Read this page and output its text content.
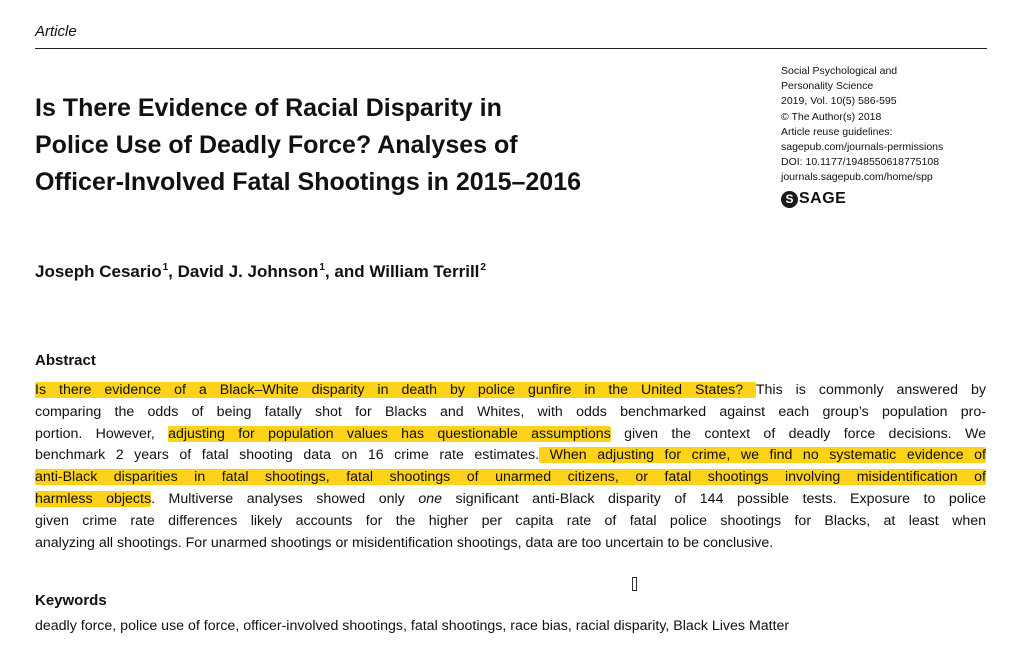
Article
Is There Evidence of Racial Disparity in
Police Use of Deadly Force? Analyses of
Officer-Involved Fatal Shootings in 2015–2016
Social Psychological and
Personality Science
2019, Vol. 10(5) 586-595
© The Author(s) 2018
Article reuse guidelines:
sagepub.com/journals-permissions
DOI: 10.1177/1948550618775108
journals.sagepub.com/home/spp
S SAGE
Joseph Cesario$^1$, David J. Johnson$^1$, and William Terrill$^2$
Abstract
Is there evidence of a Black–White disparity in death by police gunfire in the United States? This is commonly answered by
comparing the odds of being fatally shot for Blacks and Whites, with odds benchmarked against each group’s population pro-
portion. However, adjusting for population values has questionable assumptions given the context of deadly force decisions. We
benchmark 2 years of fatal shooting data on 16 crime rate estimates. When adjusting for crime, we find no systematic evidence of
anti-Black disparities in fatal shootings, fatal shootings of unarmed citizens, or fatal shootings involving misidentification of
harmless objects. Multiverse analyses showed only one significant anti-Black disparity of 144 possible tests. Exposure to police
given crime rate differences likely accounts for the higher per capita rate of fatal police shootings for Blacks, at least when
analyzing all shootings. For unarmed shootings or misidentification shootings, data are too uncertain to be conclusive.
Keywords
deadly force, police use of force, officer-involved shootings, fatal shootings, race bias, racial disparity, Black Lives Matter
